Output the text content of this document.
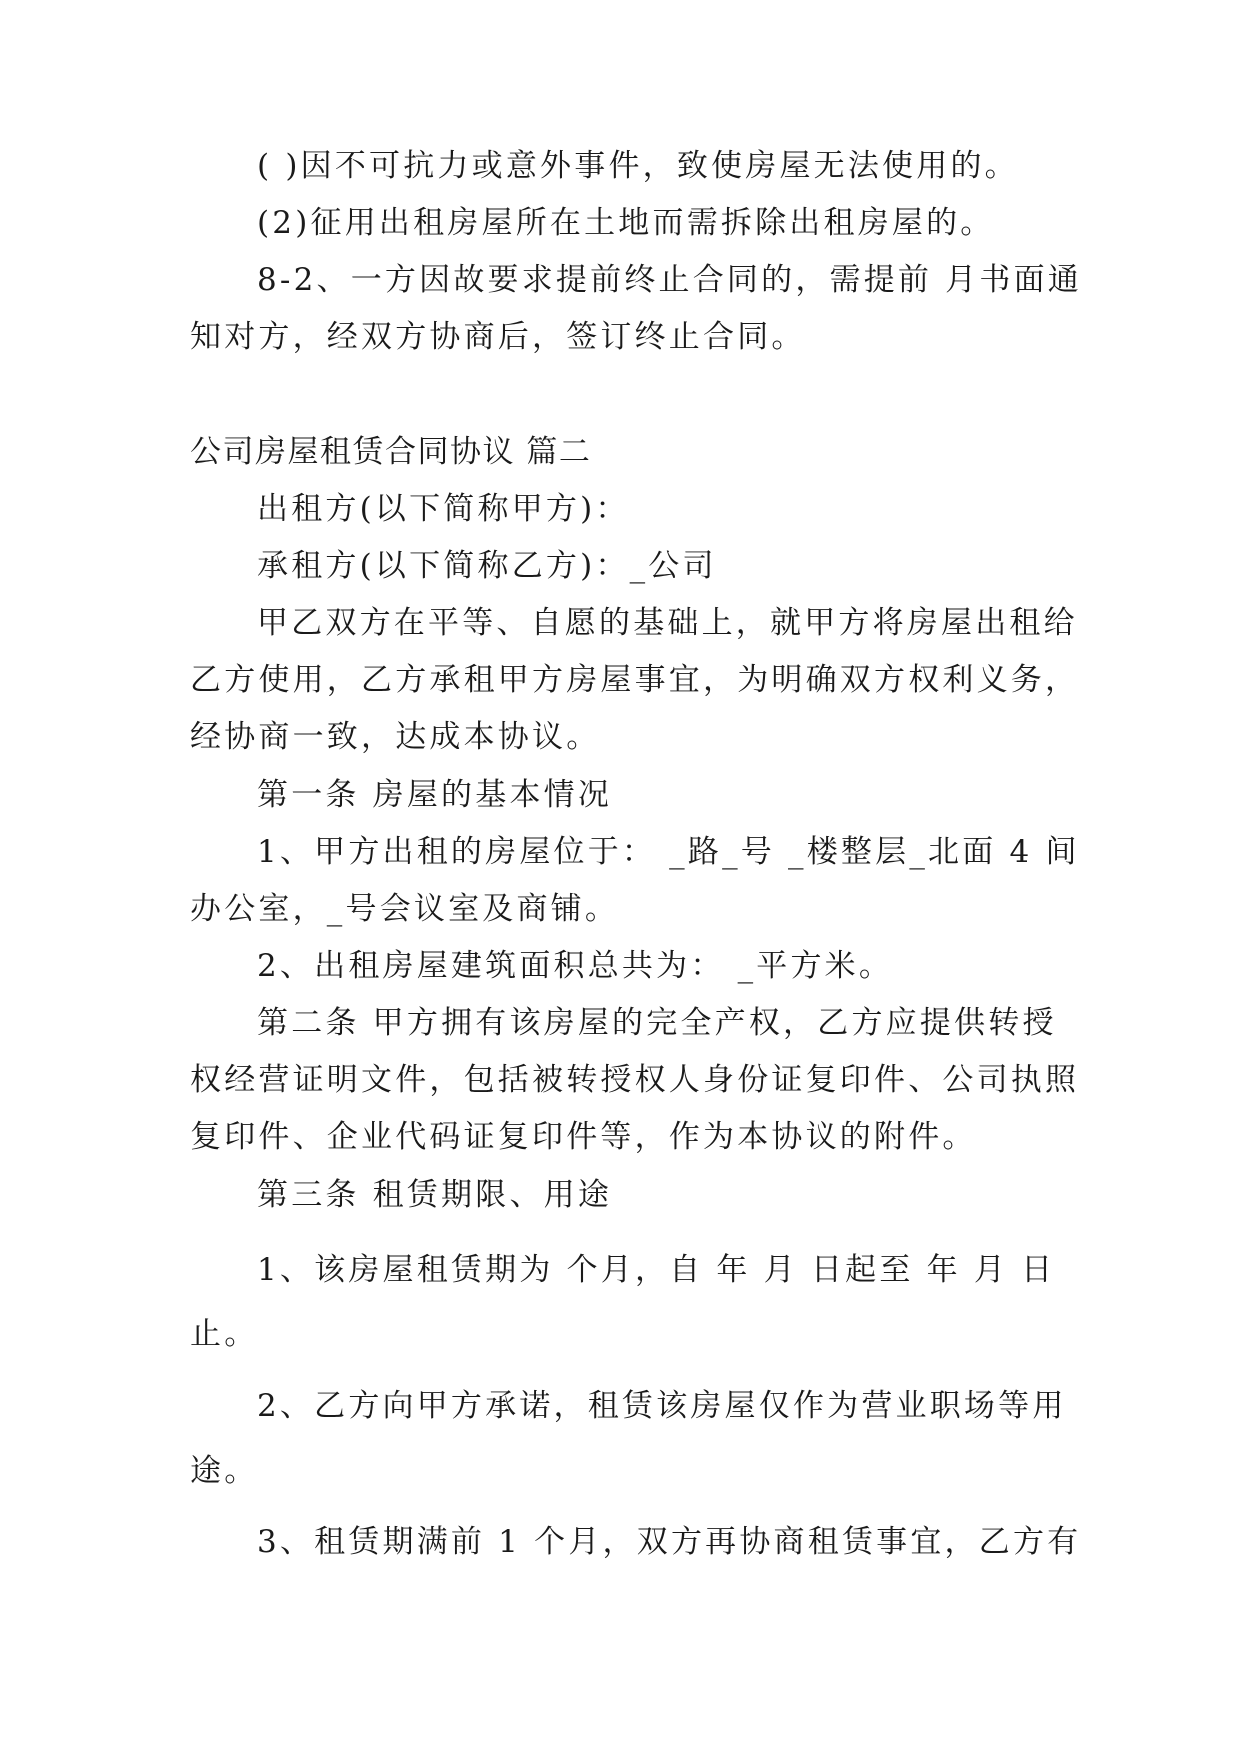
( )因不可抗力或意外事件，致使房屋无法使用的。
(2)征用出租房屋所在土地而需拆除出租房屋的。
8-2、一方因故要求提前终止合同的，需提前 月书面通
知对方，经双方协商后，签订终止合同。
公司房屋租赁合同协议 篇二
出租方(以下简称甲方)：
承租方(以下简称乙方)：_公司
甲乙双方在平等、自愿的基础上，就甲方将房屋出租给
乙方使用，乙方承租甲方房屋事宜，为明确双方权利义务，
经协商一致，达成本协议。
第一条 房屋的基本情况
1、甲方出租的房屋位于： _路_号 _楼整层_北面 4 间
办公室，_号会议室及商铺。
2、出租房屋建筑面积总共为： _平方米。
第二条 甲方拥有该房屋的完全产权，乙方应提供转授
权经营证明文件，包括被转授权人身份证复印件、公司执照
复印件、企业代码证复印件等，作为本协议的附件。
第三条 租赁期限、用途
1、该房屋租赁期为 个月，自 年 月 日起至 年 月 日
止。
2、乙方向甲方承诺，租赁该房屋仅作为营业职场等用
途。
3、租赁期满前 1 个月，双方再协商租赁事宜，乙方有
